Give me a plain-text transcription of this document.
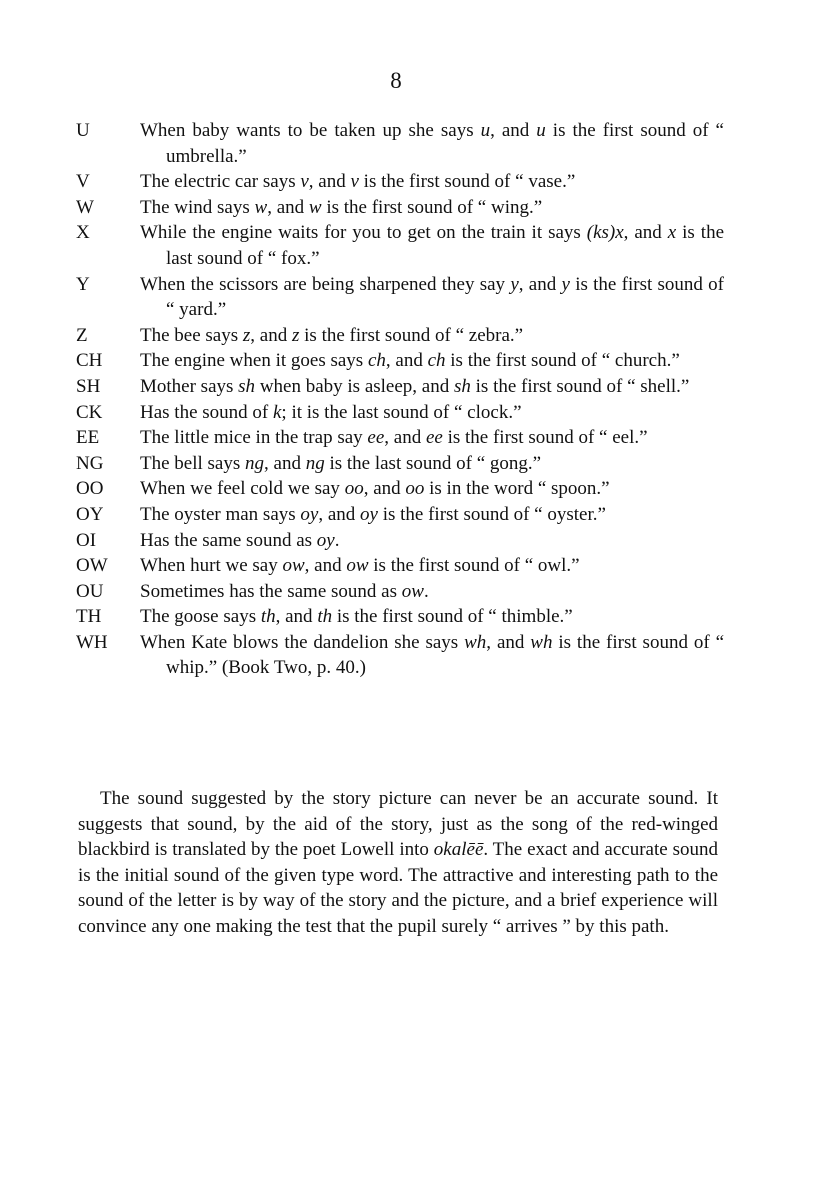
8
U	When baby wants to be taken up she says u, and u is the first sound of “ umbrella.”
V	The electric car says v, and v is the first sound of “ vase.”
W	The wind says w, and w is the first sound of “ wing.”
X	While the engine waits for you to get on the train it says (ks)x, and x is the last sound of “ fox.”
Y	When the scissors are being sharpened they say y, and y is the first sound of “ yard.”
Z	The bee says z, and z is the first sound of “ zebra.”
CH	The engine when it goes says ch, and ch is the first sound of “ church.”
SH	Mother says sh when baby is asleep, and sh is the first sound of “ shell.”
CK	Has the sound of k; it is the last sound of “ clock.”
EE	The little mice in the trap say ee, and ee is the first sound of “ eel.”
NG	The bell says ng, and ng is the last sound of “ gong.”
OO	When we feel cold we say oo, and oo is in the word “ spoon.”
OY	The oyster man says oy, and oy is the first sound of “ oyster.”
OI	Has the same sound as oy.
OW	When hurt we say ow, and ow is the first sound of “ owl.”
OU	Sometimes has the same sound as ow.
TH	The goose says th, and th is the first sound of “ thimble.”
WH	When Kate blows the dandelion she says wh, and wh is the first sound of “ whip.” (Book Two, p. 40.)

The sound suggested by the story picture can never be an accurate sound. It suggests that sound, by the aid of the story, just as the song of the red-winged blackbird is translated by the poet Lowell into okalēē. The exact and accurate sound is the initial sound of the given type word. The attractive and interesting path to the sound of the letter is by way of the story and the picture, and a brief experience will convince any one making the test that the pupil surely “ arrives ” by this path.
